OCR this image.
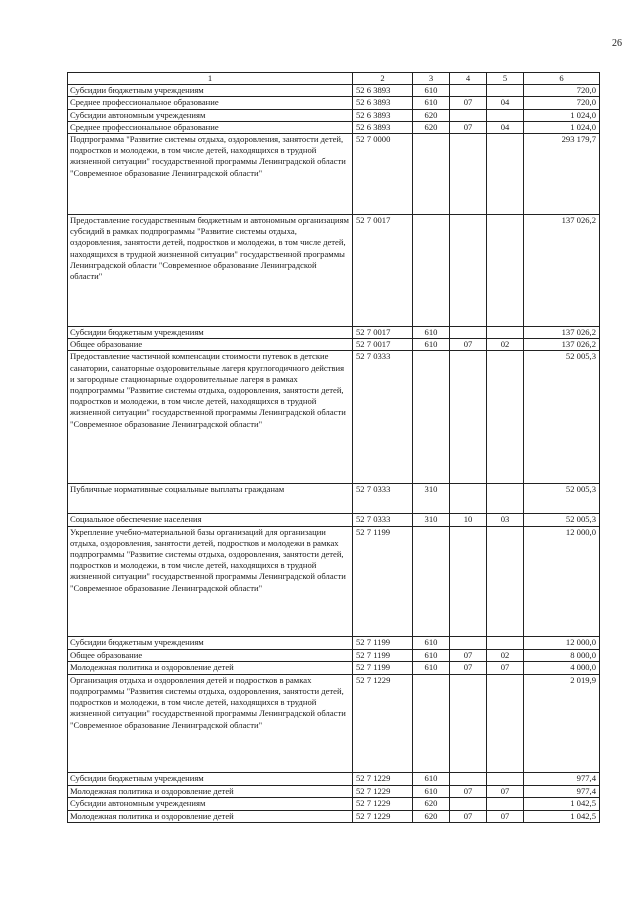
26
1	2	3	4	5	6
Субсидии бюджетным учреждениям	52 6 3893	610			720,0
Среднее профессиональное образование	52 6 3893	610	07	04	720,0
Субсидии автономным учреждениям	52 6 3893	620			1 024,0
Среднее профессиональное образование	52 6 3893	620	07	04	1 024,0
Подпрограмма "Развитие системы отдыха, оздоровления, занятости детей, подростков и молодежи, в том числе детей, находящихся в трудной жизненной ситуации" государственной программы Ленинградской области "Современное образование Ленинградской области"	52 7 0000				293 179,7
Предоставление государственным бюджетным и автономным организациям субсидий в рамках подпрограммы "Развитие системы отдыха, оздоровления, занятости детей, подростков и молодежи, в том числе детей, находящихся в трудной жизненной ситуации" государственной программы Ленинградской области "Современное образование Ленинградской области"	52 7 0017				137 026,2
Субсидии бюджетным учреждениям	52 7 0017	610			137 026,2
Общее образование	52 7 0017	610	07	02	137 026,2
Предоставление частичной компенсации стоимости путевок в детские санатории, санаторные оздоровительные лагеря круглогодичного действия и загородные стационарные оздоровительные лагеря в рамках подпрограммы "Развитие системы отдыха, оздоровления, занятости детей, подростков и молодежи, в том числе детей, находящихся в трудной жизненной ситуации" государственной программы Ленинградской области "Современное образование Ленинградской области"	52 7 0333				52 005,3
Публичные нормативные социальные выплаты гражданам	52 7 0333	310			52 005,3
Социальное обеспечение населения	52 7 0333	310	10	03	52 005,3
Укрепление учебно-материальной базы организаций для организации отдыха, оздоровления, занятости детей, подростков и молодежи в рамках подпрограммы "Развитие системы отдыха, оздоровления, занятости детей, подростков и молодежи, в том числе детей, находящихся в трудной жизненной ситуации" государственной программы Ленинградской области "Современное образование Ленинградской области"	52 7 1199				12 000,0
Субсидии бюджетным учреждениям	52 7 1199	610			12 000,0
Общее образование	52 7 1199	610	07	02	8 000,0
Молодежная политика и оздоровление детей	52 7 1199	610	07	07	4 000,0
Организация отдыха и оздоровления детей и подростков в рамках подпрограммы "Развития системы отдыха, оздоровления, занятости детей, подростков и молодежи, в том числе детей, находящихся в трудной жизненной ситуации" государственной программы Ленинградской области "Современное образование Ленинградской области"	52 7 1229				2 019,9
Субсидии бюджетным учреждениям	52 7 1229	610			977,4
Молодежная политика и оздоровление детей	52 7 1229	610	07	07	977,4
Субсидии автономным учреждениям	52 7 1229	620			1 042,5
Молодежная политика и оздоровление детей	52 7 1229	620	07	07	1 042,5
